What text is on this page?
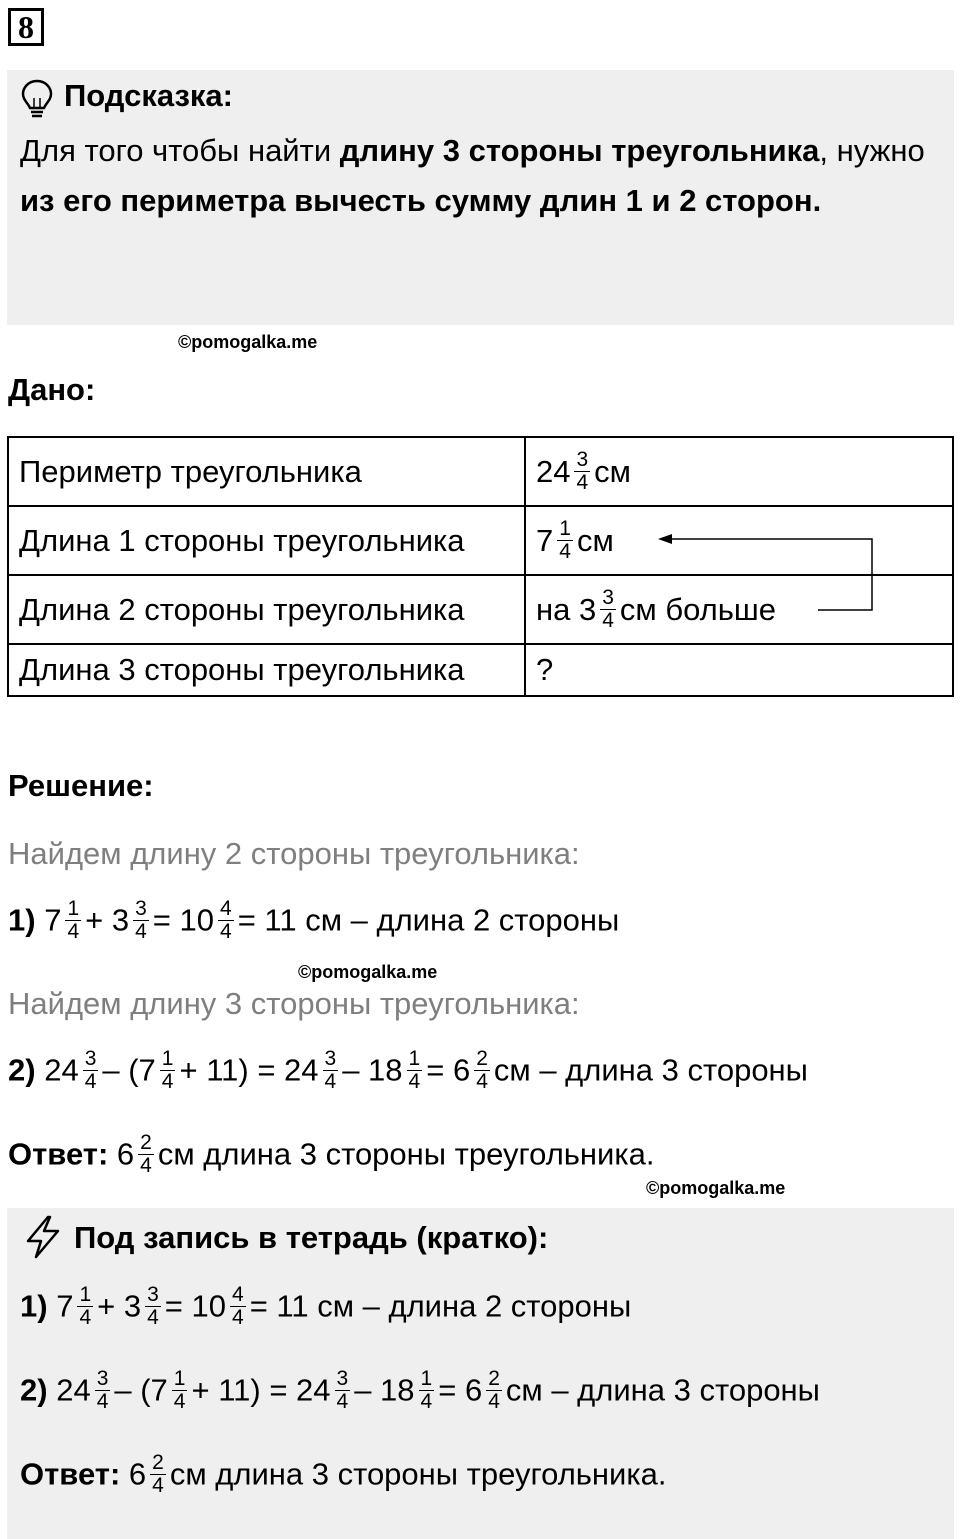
8
Подсказка:
Для того чтобы найти длину 3 стороны треугольника, нужно из его периметра вычесть сумму длин 1 и 2 сторон.
©pomogalka.me
Дано:
Периметр треугольника	$24 \frac{3}{4}$ см
Длина 1 стороны треугольника	$7 \frac{1}{4}$ см
Длина 2 стороны треугольника	на $3 \frac{3}{4}$ см больше
Длина 3 стороны треугольника	?
Решение:
Найдем длину 2 стороны треугольника:
1) $7 \frac{1}{4} + 3 \frac{3}{4} = 10 \frac{4}{4} = 11$ см – длина 2 стороны
©pomogalka.me
Найдем длину 3 стороны треугольника:
2) $24 \frac{3}{4} - (7 \frac{1}{4} + 11) = 24 \frac{3}{4} - 18 \frac{1}{4} = 6 \frac{2}{4}$ см – длина 3 стороны
Ответ: $6 \frac{2}{4}$ см длина 3 стороны треугольника.
©pomogalka.me
Под запись в тетрадь (кратко):
1) $7 \frac{1}{4} + 3 \frac{3}{4} = 10 \frac{4}{4} = 11$ см – длина 2 стороны
2) $24 \frac{3}{4} - (7 \frac{1}{4} + 11) = 24 \frac{3}{4} - 18 \frac{1}{4} = 6 \frac{2}{4}$ см – длина 3 стороны
Ответ: $6 \frac{2}{4}$ см длина 3 стороны треугольника.
